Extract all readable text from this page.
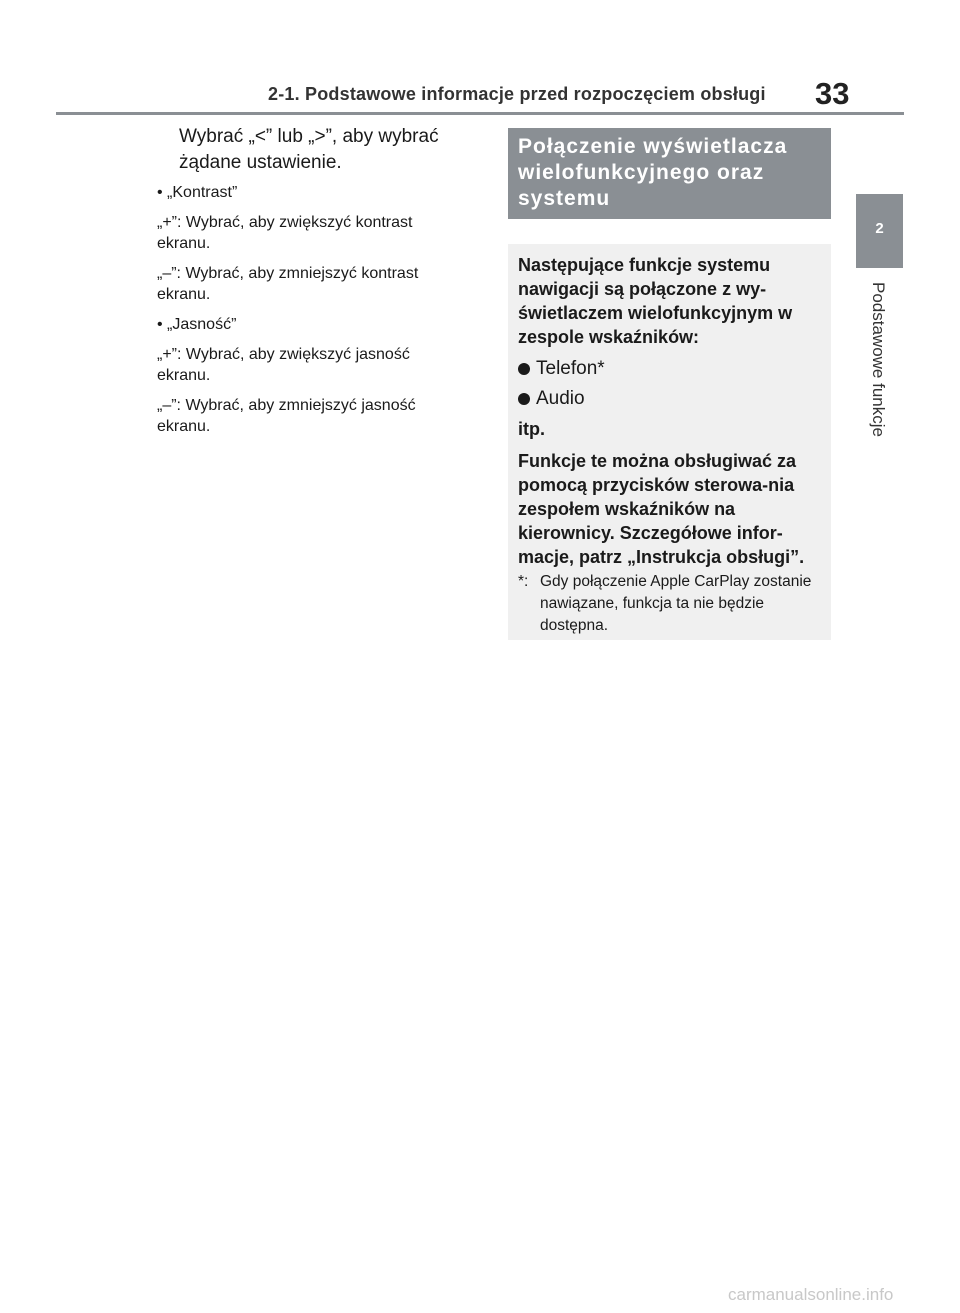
2-1. Podstawowe informacje przed rozpoczęciem obsługi 33
2
Podstawowe funkcje

Wybrać „<” lub „>”, aby wybrać żądane ustawienie.

• „Kontrast”

„+”: Wybrać, aby zwiększyć kontrast ekranu.

„–”: Wybrać, aby zmniejszyć kontrast ekranu.

• „Jasność”

„+”: Wybrać, aby zwiększyć jasność ekranu.

„–”: Wybrać, aby zmniejszyć jasność ekranu.

Połączenie wyświetlacza wielofunkcyjnego oraz systemu

Następujące funkcje systemu nawigacji są połączone z wy-świetlaczem wielofunkcyjnym w zespole wskaźników:

Telefon*

Audio

itp.

Funkcje te można obsługiwać za pomocą przycisków sterowa-nia zespołem wskaźników na kierownicy. Szczegółowe infor-macje, patrz „Instrukcja obsługi”.

*: Gdy połączenie Apple CarPlay zostanie nawiązane, funkcja ta nie będzie dostępna.
carmanualsonline.info
